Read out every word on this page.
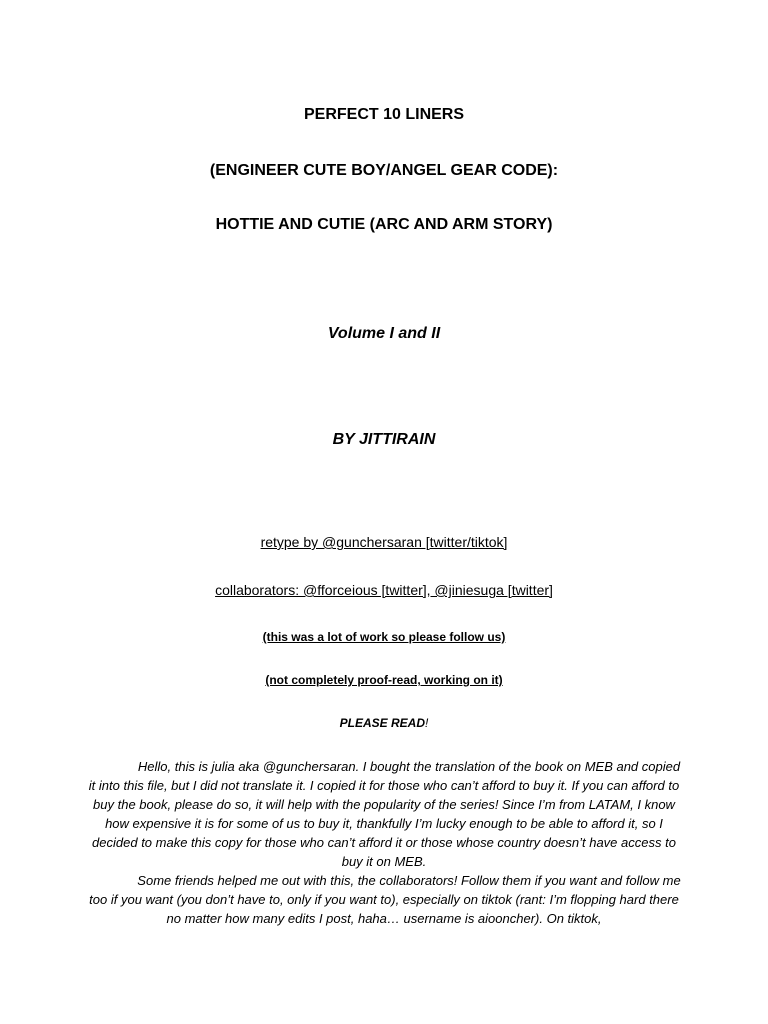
PERFECT 10 LINERS
(ENGINEER CUTE BOY/ANGEL GEAR CODE):
HOTTIE AND CUTIE (ARC AND ARM STORY)
Volume I and II
BY JITTIRAIN
retype by @gunchersaran [twitter/tiktok]
collaborators: @fforceious [twitter], @jiniesuga [twitter]
(this was a lot of work so please follow us)
(not completely proof-read, working on it)
PLEASE READ!

Hello, this is julia aka @gunchersaran. I bought the translation of the book on MEB and copied it into this file, but I did not translate it. I copied it for those who can’t afford to buy it. If you can afford to buy the book, please do so, it will help with the popularity of the series! Since I’m from LATAM, I know how expensive it is for some of us to buy it, thankfully I’m lucky enough to be able to afford it, so I decided to make this copy for those who can’t afford it or those whose country doesn’t have access to buy it on MEB.

Some friends helped me out with this, the collaborators! Follow them if you want and follow me too if you want (you don’t have to, only if you want to), especially on tiktok (rant: I’m flopping hard there no matter how many edits I post, haha… username is aiooncher). On tiktok,
